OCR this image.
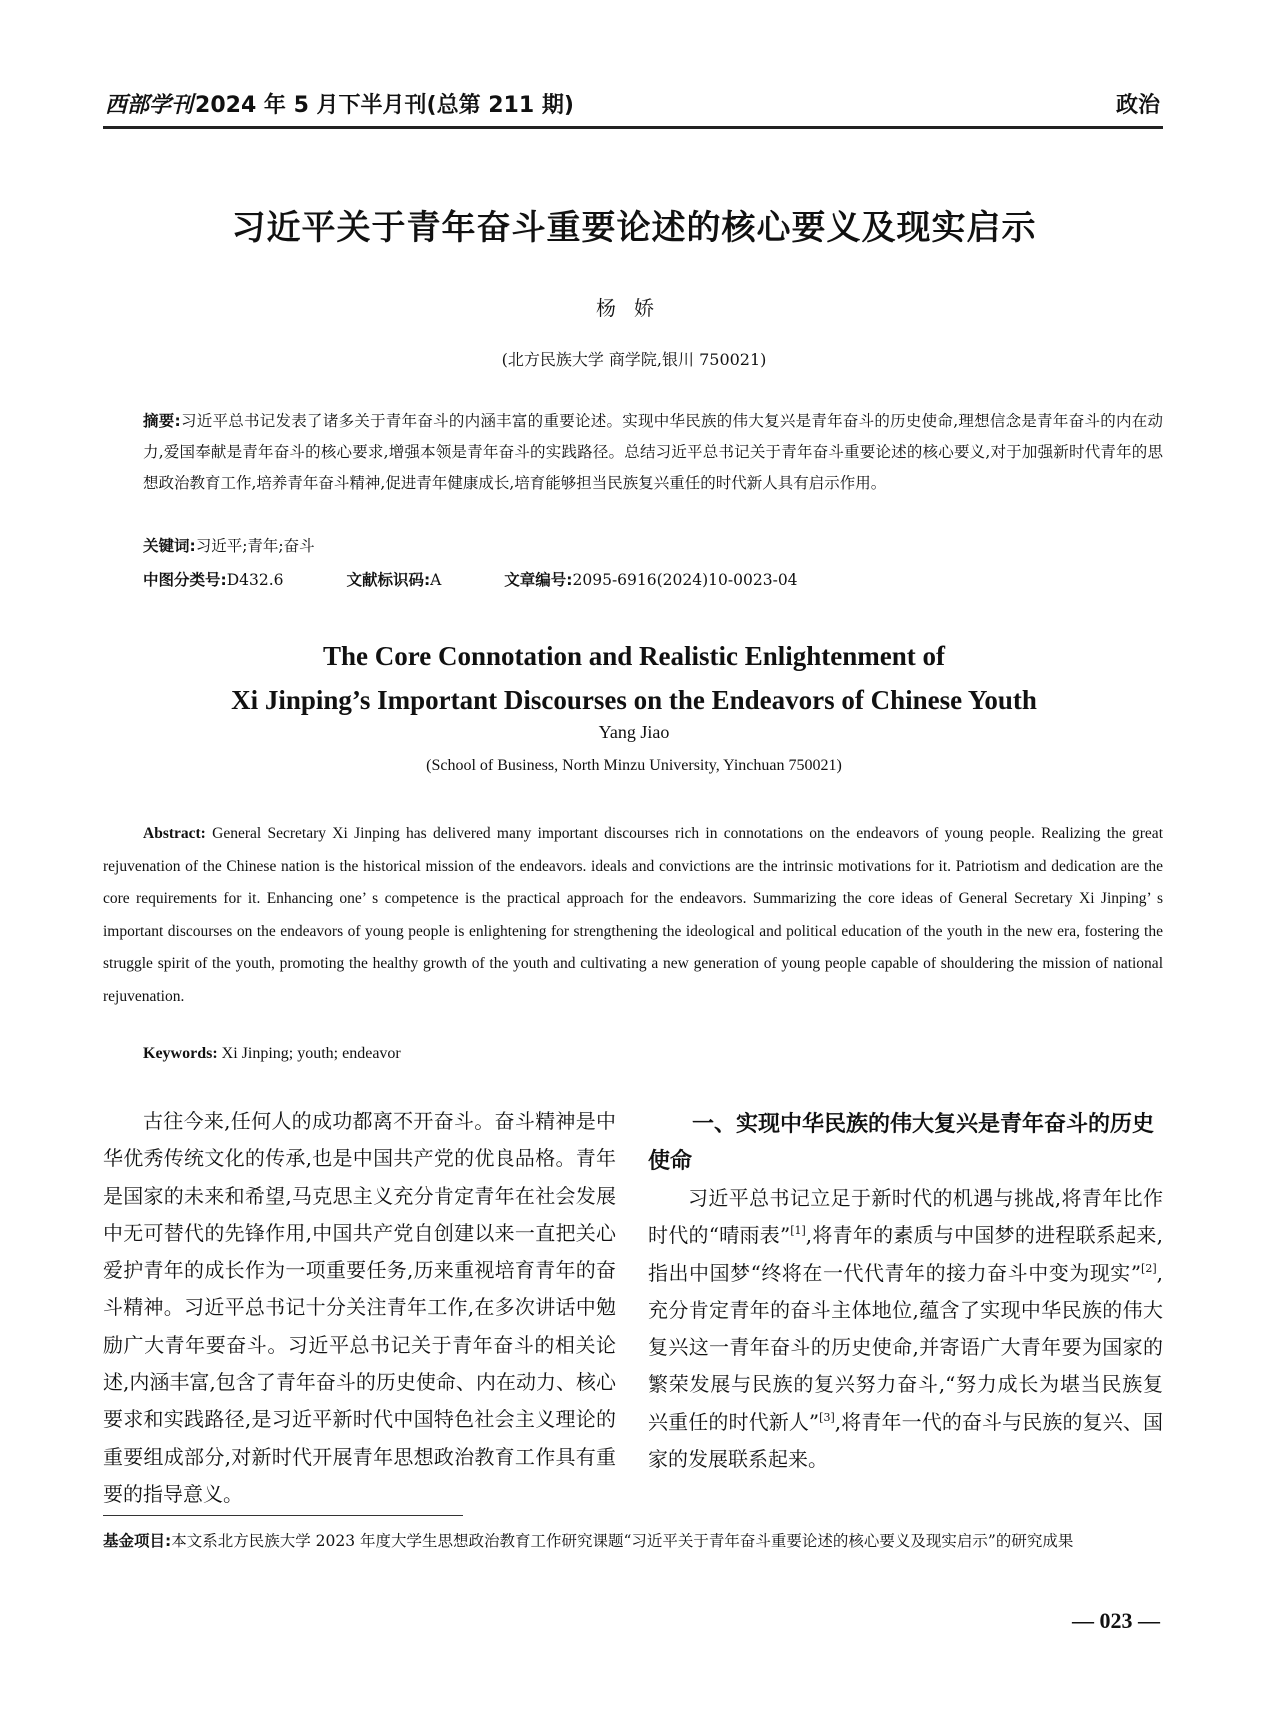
西部学刊2024 年 5 月下半月刊(总第 211 期)	政治
习近平关于青年奋斗重要论述的核心要义及现实启示
杨娇
(北方民族大学 商学院,银川 750021)
摘要:习近平总书记发表了诸多关于青年奋斗的内涵丰富的重要论述。实现中华民族的伟大复兴是青年奋斗的历史使命,理想信念是青年奋斗的内在动力,爱国奉献是青年奋斗的核心要求,增强本领是青年奋斗的实践路径。总结习近平总书记关于青年奋斗重要论述的核心要义,对于加强新时代青年的思想政治教育工作,培养青年奋斗精神,促进青年健康成长,培育能够担当民族复兴重任的时代新人具有启示作用。
关键词:习近平;青年;奋斗
中图分类号:D432.6	文献标识码:A	文章编号:2095-6916(2024)10-0023-04
The Core Connotation and Realistic Enlightenment of
Xi Jinping’s Important Discourses on the Endeavors of Chinese Youth
Yang Jiao
(School of Business, North Minzu University, Yinchuan 750021)
Abstract: General Secretary Xi Jinping has delivered many important discourses rich in connotations on the endeavors of young people. Realizing the great rejuvenation of the Chinese nation is the historical mission of the endeavors. ideals and convictions are the intrinsic motivations for it. Patriotism and dedication are the core requirements for it. Enhancing one’ s competence is the practical approach for the endeavors. Summarizing the core ideas of General Secretary Xi Jinping’ s important discourses on the endeavors of young people is enlightening for strengthening the ideological and political education of the youth in the new era, fostering the struggle spirit of the youth, promoting the healthy growth of the youth and cultivating a new generation of young people capable of shouldering the mission of national rejuvenation.
Keywords: Xi Jinping; youth; endeavor
古往今来,任何人的成功都离不开奋斗。奋斗精神是中华优秀传统文化的传承,也是中国共产党的优良品格。青年是国家的未来和希望,马克思主义充分肯定青年在社会发展中无可替代的先锋作用,中国共产党自创建以来一直把关心爱护青年的成长作为一项重要任务,历来重视培育青年的奋斗精神。习近平总书记十分关注青年工作,在多次讲话中勉励广大青年要奋斗。习近平总书记关于青年奋斗的相关论述,内涵丰富,包含了青年奋斗的历史使命、内在动力、核心要求和实践路径,是习近平新时代中国特色社会主义理论的重要组成部分,对新时代开展青年思想政治教育工作具有重要的指导意义。
一、实现中华民族的伟大复兴是青年奋斗的历史使命
习近平总书记立足于新时代的机遇与挑战,将青年比作时代的“晴雨表”[1],将青年的素质与中国梦的进程联系起来,指出中国梦“终将在一代代青年的接力奋斗中变为现实”[2],充分肯定青年的奋斗主体地位,蕴含了实现中华民族的伟大复兴这一青年奋斗的历史使命,并寄语广大青年要为国家的繁荣发展与民族的复兴努力奋斗,“努力成长为堪当民族复兴重任的时代新人”[3],将青年一代的奋斗与民族的复兴、国家的发展联系起来。
基金项目:本文系北方民族大学 2023 年度大学生思想政治教育工作研究课题“习近平关于青年奋斗重要论述的核心要义及现实启示”的研究成果
— 023 —
